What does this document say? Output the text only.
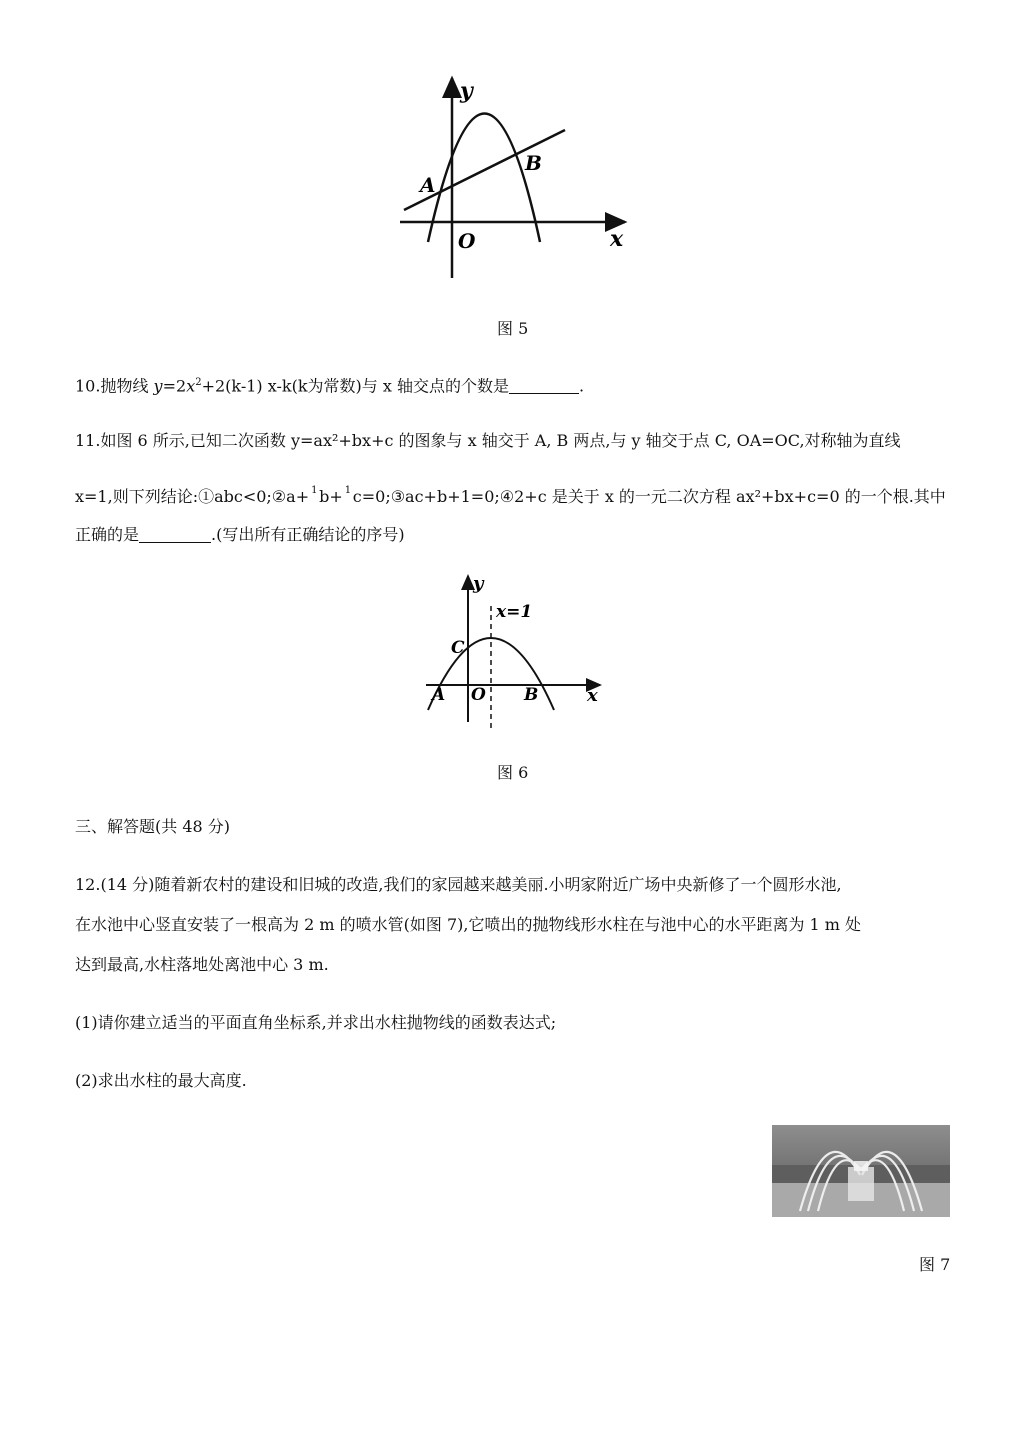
y
x
O
A
B
图 5
10.抛物线 $y=2x^2+2(k-1)$ x-k(k为常数)与 x 轴交点的个数是	.
11.如图 6 所示,已知二次函数 y=ax²+bx+c 的图象与 x 轴交于 A, B 两点,与 y 轴交于点 C, OA=OC,对称轴为直线
x=1,则下列结论:①abc<0;②a+ 1 b+ 1 c=0;③ac+b+1=0;④2+c 是关于 x 的一元二次方程 ax²+bx+c=0 的一个根.其中
正确的是	.(写出所有正确结论的序号)
y
x
x=1
C
A O B
图 6
三、解答题(共 48 分)
12.(14 分)随着新农村的建设和旧城的改造,我们的家园越来越美丽.小明家附近广场中央新修了一个圆形水池,
在水池中心竖直安装了一根高为 2 m 的喷水管(如图 7),它喷出的抛物线形水柱在与池中心的水平距离为 1 m 处
达到最高,水柱落地处离池中心 3 m.
(1)请你建立适当的平面直角坐标系,并求出水柱抛物线的函数表达式;
(2)求出水柱的最大高度.
图 7
